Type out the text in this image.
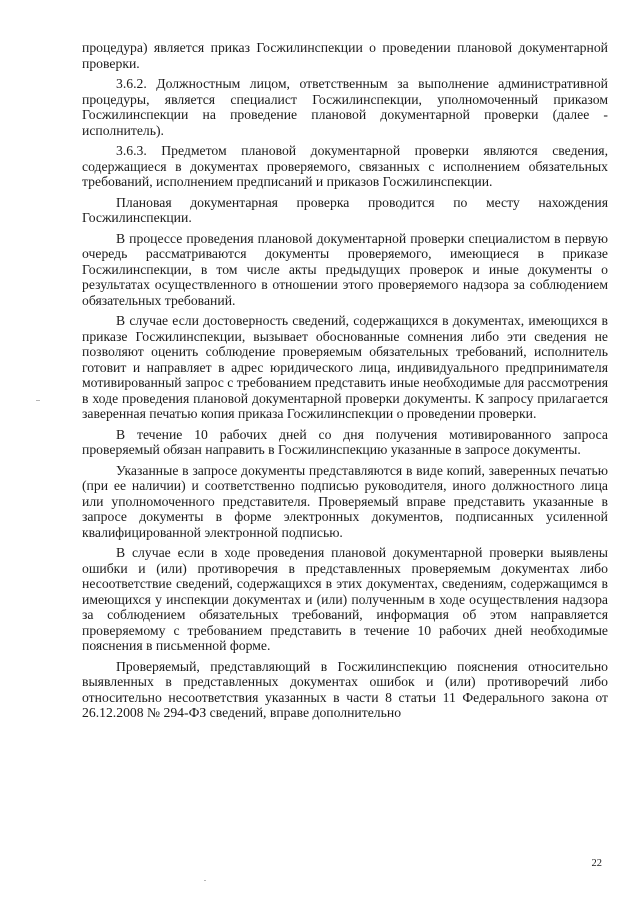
процедура) является приказ Госжилинспекции о проведении плановой документарной проверки.

3.6.2. Должностным лицом, ответственным за выполнение административной процедуры, является специалист Госжилинспекции, уполномоченный приказом Госжилинспекции на проведение плановой документарной проверки (далее - исполнитель).

3.6.3. Предметом плановой документарной проверки являются сведения, содержащиеся в документах проверяемого, связанных с исполнением обязательных требований, исполнением предписаний и приказов Госжилинспекции.

Плановая документарная проверка проводится по месту нахождения Госжилинспекции.

В процессе проведения плановой документарной проверки специалистом в первую очередь рассматриваются документы проверяемого, имеющиеся в приказе Госжилинспекции, в том числе акты предыдущих проверок и иные документы о результатах осуществленного в отношении этого проверяемого надзора за соблюдением обязательных требований.

В случае если достоверность сведений, содержащихся в документах, имеющихся в приказе Госжилинспекции, вызывает обоснованные сомнения либо эти сведения не позволяют оценить соблюдение проверяемым обязательных требований, исполнитель готовит и направляет в адрес юридического лица, индивидуального предпринимателя мотивированный запрос с требованием представить иные необходимые для рассмотрения в ходе проведения плановой документарной проверки документы. К запросу прилагается заверенная печатью копия приказа Госжилинспекции о проведении проверки.

В течение 10 рабочих дней со дня получения мотивированного запроса проверяемый обязан направить в Госжилинспекцию указанные в запросе документы.

Указанные в запросе документы представляются в виде копий, заверенных печатью (при ее наличии) и соответственно подписью руководителя, иного должностного лица или уполномоченного представителя. Проверяемый вправе представить указанные в запросе документы в форме электронных документов, подписанных усиленной квалифицированной электронной подписью.

В случае если в ходе проведения плановой документарной проверки выявлены ошибки и (или) противоречия в представленных проверяемым документах либо несоответствие сведений, содержащихся в этих документах, сведениям, содержащимся в имеющихся у инспекции документах и (или) полученным в ходе осуществления надзора за соблюдением обязательных требований, информация об этом направляется проверяемому с требованием представить в течение 10 рабочих дней необходимые пояснения в письменной форме.

Проверяемый, представляющий в Госжилинспекцию пояснения относительно выявленных в представленных документах ошибок и (или) противоречий либо относительно несоответствия указанных в части 8 статьи 11 Федерального закона от 26.12.2008 № 294-ФЗ сведений, вправе дополнительно

22
